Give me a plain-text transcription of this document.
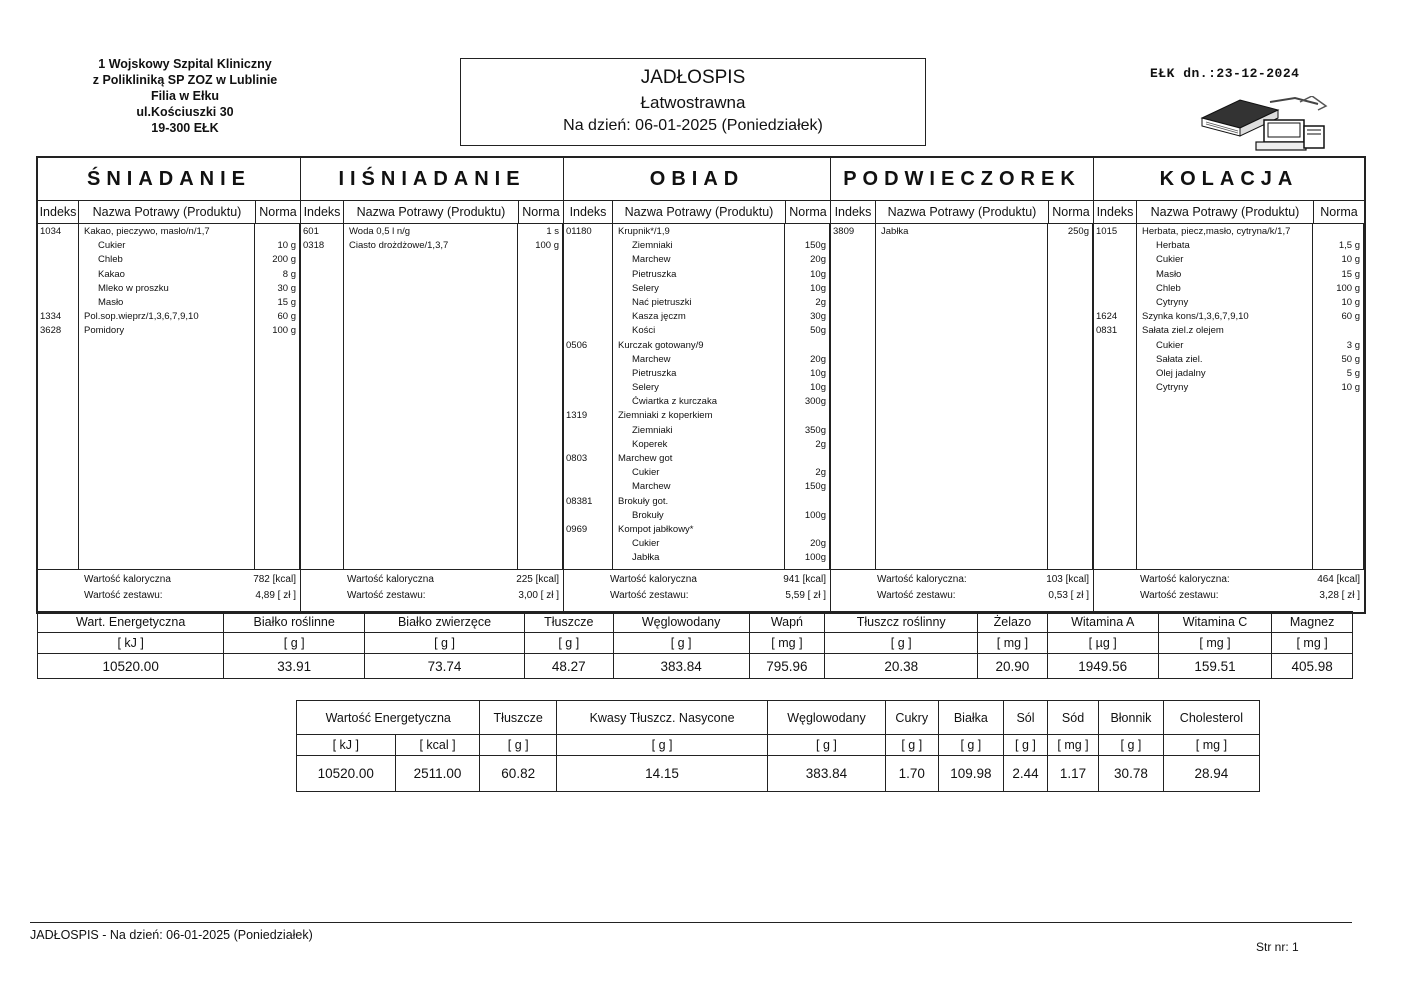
1 Wojskowy Szpital Kliniczny
z Polikliniką SP ZOZ w Lublinie
Filia w Ełku
ul.Kościuszki 30
19-300 EŁK
JADŁOSPIS
Łatwostrawna
Na dzień: 06-01-2025 (Poniedziałek)
EŁK dn.:23-12-2024
ŚNIADANIE
Indeks	Nazwa Potrawy (Produktu)	Norma
1034	Kakao, pieczywo, masło/n/1,7
Cukier	10 g
Chleb	200 g
Kakao	8 g
Mleko w proszku	30 g
Masło	15 g
1334	Pol.sop.wieprz/1,3,6,7,9,10	60 g
3628	Pomidory	100 g
Wartość kaloryczna	782 [kcal]
Wartość zestawu:	4,89 [ zł ]
IIŚNIADANIE
Indeks	Nazwa Potrawy (Produktu)	Norma
601	Woda 0,5 l n/g	1 s
0318	Ciasto drożdżowe/1,3,7	100 g
Wartość kaloryczna	225 [kcal]
Wartość zestawu:	3,00 [ zł ]
OBIAD
Indeks	Nazwa Potrawy (Produktu)	Norma
01180	Krupnik*/1,9
Ziemniaki	150g
Marchew	20g
Pietruszka	10g
Selery	10g
Nać pietruszki	2g
Kasza jęczm	30g
Kości	50g
0506	Kurczak gotowany/9
Marchew	20g
Pietruszka	10g
Selery	10g
Ćwiartka z kurczaka	300g
1319	Ziemniaki z koperkiem
Ziemniaki	350g
Koperek	2g
0803	Marchew got
Cukier	2g
Marchew	150g
08381	Brokuły got.
Brokuły	100g
0969	Kompot jabłkowy*
Cukier	20g
Jabłka	100g
Wartość kaloryczna	941 [kcal]
Wartość zestawu:	5,59 [ zł ]
PODWIECZOREK
Indeks	Nazwa Potrawy (Produktu)	Norma
3809	Jabłka	250g
Wartość kaloryczna:	103 [kcal]
Wartość zestawu:	0,53 [ zł ]
KOLACJA
Indeks	Nazwa Potrawy (Produktu)	Norma
1015	Herbata, piecz,masło, cytryna/k/1,7
Herbata	1,5 g
Cukier	10 g
Masło	15 g
Chleb	100 g
Cytryny	10 g
1624	Szynka kons/1,3,6,7,9,10	60 g
0831	Sałata ziel.z olejem
Cukier	3 g
Sałata ziel.	50 g
Olej jadalny	5 g
Cytryny	10 g
Wartość kaloryczna:	464 [kcal]
Wartość zestawu:	3,28 [ zł ]
Wart. Energetyczna	Białko roślinne	Białko zwierzęce	Tłuszcze	Węglowodany	Wapń	Tłuszcz roślinny	Żelazo	Witamina A	Witamina C	Magnez
[ kJ ]	[ g ]	[ g ]	[ g ]	[ g ]	[ mg ]	[ g ]	[ mg ]	[ µg ]	[ mg ]	[ mg ]
10520.00	33.91	73.74	48.27	383.84	795.96	20.38	20.90	1949.56	159.51	405.98
Wartość Energetyczna		Tłuszcze	Kwasy Tłuszcz. Nasycone	Węglowodany	Cukry	Białka	Sól	Sód	Błonnik	Cholesterol
[ kJ ]	[ kcal ]	[ g ]	[ g ]	[ g ]	[ g ]	[ g ]	[ g ]	[ mg ]	[ g ]	[ mg ]
10520.00	2511.00	60.82	14.15	383.84	1.70	109.98	2.44	1.17	30.78	28.94
JADŁOSPIS - Na dzień: 06-01-2025 (Poniedziałek)
Str nr: 1
